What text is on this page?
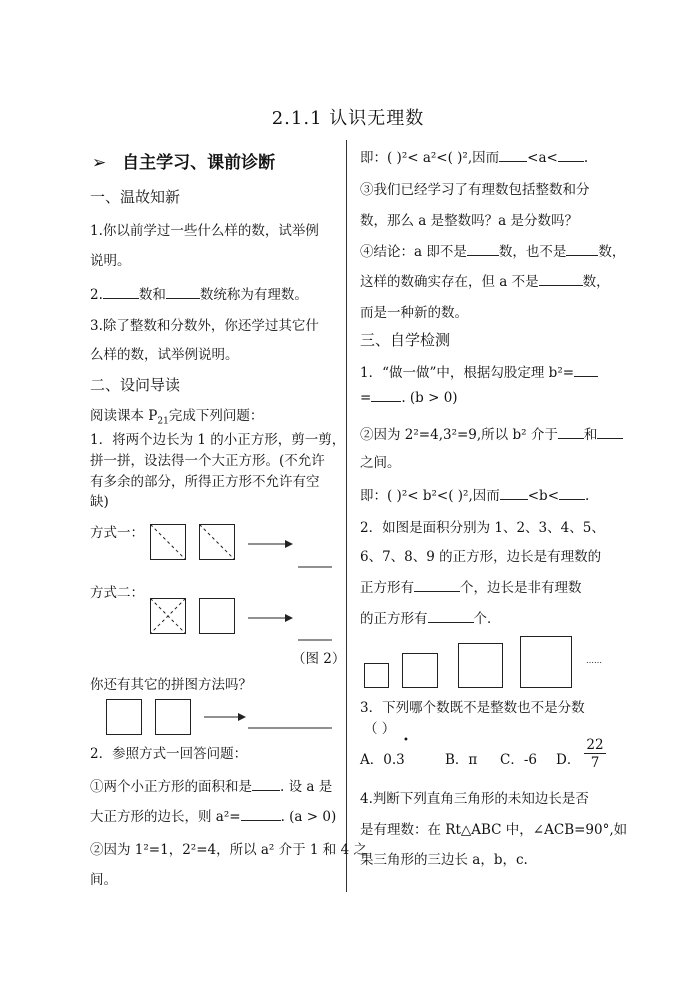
2.1.1 认识无理数
➢ 自主学习、课前诊断
一、温故知新
1.你以前学过一些什么样的数，试举例
说明。
2.	数和	数统称为有理数。
3.除了整数和分数外，你还学过其它什
么样的数，试举例说明。
二、设问导读
阅读课本 $P_{21}$完成下列问题：
1．将两个边长为 1 的小正方形，剪一剪，
拼一拼，设法得一个大正方形。(不允许
有多余的部分，所得正方形不允许有空
缺)
方式一：
方式二：
（图 2）
你还有其它的拼图方法吗？
2．参照方式一回答问题：
①两个小正方形的面积和是 . 设 a 是
大正方形的边长，则 a²=	. (a > 0)
②因为 1²=1，2²=4，所以 a² 介于 1 和 4 之
间。
即：( )²< a²<( )²,因而 <a< .
③我们已经学习了有理数包括整数和分
数，那么 a 是整数吗？a 是分数吗？
④结论：a 即不是 数，也不是 数，
这样的数确实存在，但 a 不是	数，
而是一种新的数。
三、自学检测
1．“做一做”中，根据勾股定理 b²=
= . (b > 0)
②因为 2²=4,3²=9,所以 b² 介于 和
之间。
即：( )²< b²<( )²,因而 <b< .
2．如图是面积分别为 1、2、3、4、5、
6、7、8、9 的正方形，边长是有理数的
正方形有	个，边长是非有理数
的正方形有	个．
……
3．下列哪个数既不是整数也不是分数
（ ）
A．0.3
•
B．π C．-6 D． $\frac{22}{7}$
4.判断下列直角三角形的未知边长是否
是有理数：在 Rt△ABC 中，∠ACB=90°,如
果三角形的三边长 a，b，c.
